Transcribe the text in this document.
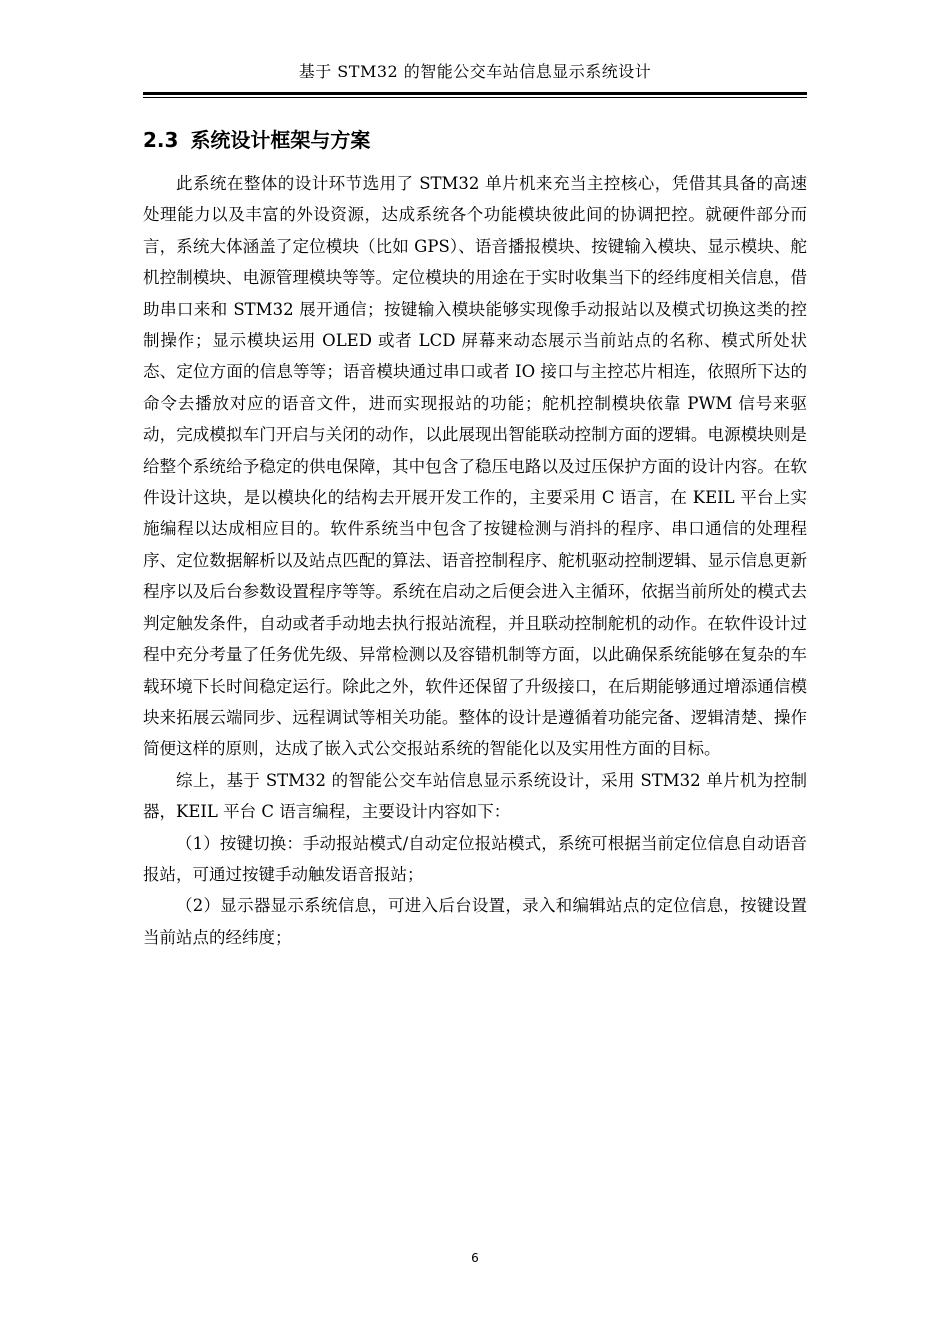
基于 STM32 的智能公交车站信息显示系统设计
2.3 系统设计框架与方案

此系统在整体的设计环节选用了 STM32 单片机来充当主控核心，凭借其具备的高速处理能力以及丰富的外设资源，达成系统各个功能模块彼此间的协调把控。就硬件部分而言，系统大体涵盖了定位模块（比如 GPS）、语音播报模块、按键输入模块、显示模块、舵机控制模块、电源管理模块等等。定位模块的用途在于实时收集当下的经纬度相关信息，借助串口来和 STM32 展开通信；按键输入模块能够实现像手动报站以及模式切换这类的控制操作；显示模块运用 OLED 或者 LCD 屏幕来动态展示当前站点的名称、模式所处状态、定位方面的信息等等；语音模块通过串口或者 IO 接口与主控芯片相连，依照所下达的命令去播放对应的语音文件，进而实现报站的功能；舵机控制模块依靠 PWM 信号来驱动，完成模拟车门开启与关闭的动作，以此展现出智能联动控制方面的逻辑。电源模块则是给整个系统给予稳定的供电保障，其中包含了稳压电路以及过压保护方面的设计内容。在软件设计这块，是以模块化的结构去开展开发工作的，主要采用 C 语言，在 KEIL 平台上实施编程以达成相应目的。软件系统当中包含了按键检测与消抖的程序、串口通信的处理程序、定位数据解析以及站点匹配的算法、语音控制程序、舵机驱动控制逻辑、显示信息更新程序以及后台参数设置程序等等。系统在启动之后便会进入主循环，依据当前所处的模式去判定触发条件，自动或者手动地去执行报站流程，并且联动控制舵机的动作。在软件设计过程中充分考量了任务优先级、异常检测以及容错机制等方面，以此确保系统能够在复杂的车载环境下长时间稳定运行。除此之外，软件还保留了升级接口，在后期能够通过增添通信模块来拓展云端同步、远程调试等相关功能。整体的设计是遵循着功能完备、逻辑清楚、操作简便这样的原则，达成了嵌入式公交报站系统的智能化以及实用性方面的目标。

综上，基于 STM32 的智能公交车站信息显示系统设计，采用 STM32 单片机为控制器，KEIL 平台 C 语言编程，主要设计内容如下：

（1）按键切换：手动报站模式/自动定位报站模式，系统可根据当前定位信息自动语音报站，可通过按键手动触发语音报站；

（2）显示器显示系统信息，可进入后台设置，录入和编辑站点的定位信息，按键设置当前站点的经纬度；

6
